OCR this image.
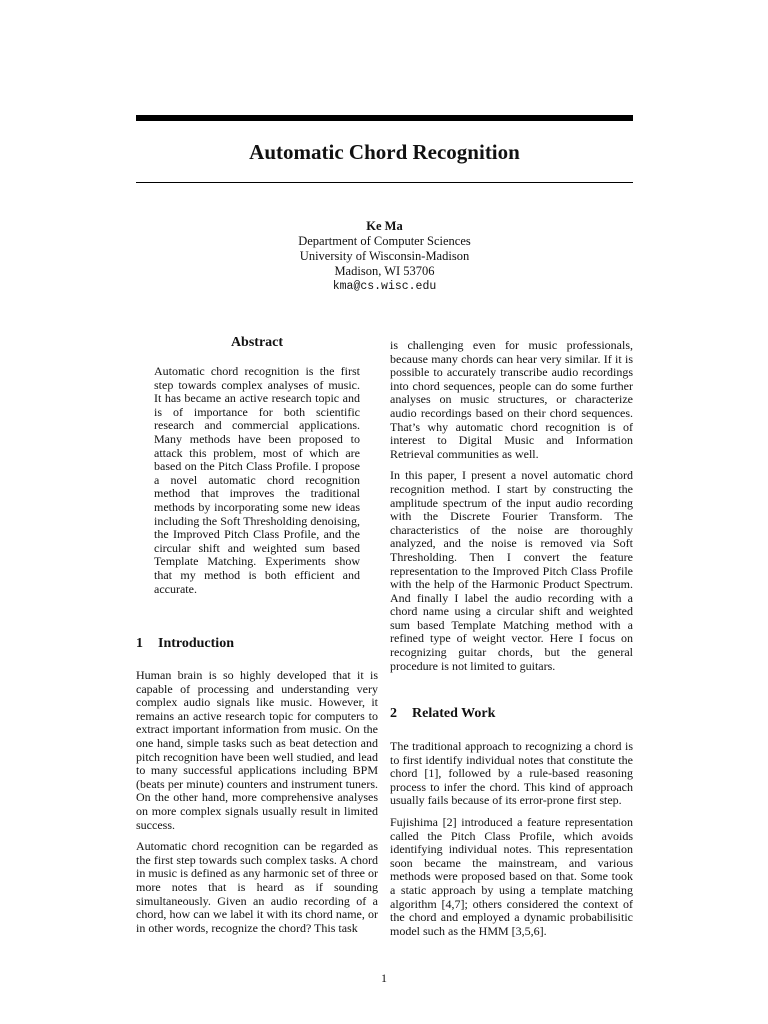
Automatic Chord Recognition
Ke Ma
Department of Computer Sciences
University of Wisconsin-Madison
Madison, WI 53706
kma@cs.wisc.edu
Abstract
Automatic chord recognition is the first step towards complex analyses of music. It has became an active research topic and is of importance for both scientific research and commercial applications. Many methods have been proposed to attack this problem, most of which are based on the Pitch Class Profile. I propose a novel automatic chord recognition method that improves the traditional methods by incorporating some new ideas including the Soft Thresholding denoising, the Improved Pitch Class Profile, and the circular shift and weighted sum based Template Matching. Experiments show that my method is both efficient and accurate.
1 Introduction

Human brain is so highly developed that it is capable of processing and understanding very complex audio signals like music. However, it remains an active research topic for computers to extract important information from music. On the one hand, simple tasks such as beat detection and pitch recognition have been well studied, and lead to many successful applications including BPM (beats per minute) counters and instrument tuners. On the other hand, more comprehensive analyses on more complex signals usually result in limited success.

Automatic chord recognition can be regarded as the first step towards such complex tasks. A chord in music is defined as any harmonic set of three or more notes that is heard as if sounding simultaneously. Given an audio recording of a chord, how can we label it with its chord name, or in other words, recognize the chord? This task

is challenging even for music professionals, because many chords can hear very similar. If it is possible to accurately transcribe audio recordings into chord sequences, people can do some further analyses on music structures, or characterize audio recordings based on their chord sequences. That’s why automatic chord recognition is of interest to Digital Music and Information Retrieval communities as well.

In this paper, I present a novel automatic chord recognition method. I start by constructing the amplitude spectrum of the input audio recording with the Discrete Fourier Transform. The characteristics of the noise are thoroughly analyzed, and the noise is removed via Soft Thresholding. Then I convert the feature representation to the Improved Pitch Class Profile with the help of the Harmonic Product Spectrum. And finally I label the audio recording with a chord name using a circular shift and weighted sum based Template Matching method with a refined type of weight vector. Here I focus on recognizing guitar chords, but the general procedure is not limited to guitars.

2 Related Work

The traditional approach to recognizing a chord is to first identify individual notes that constitute the chord [1], followed by a rule-based reasoning process to infer the chord. This kind of approach usually fails because of its error-prone first step.

Fujishima [2] introduced a feature representation called the Pitch Class Profile, which avoids identifying individual notes. This representation soon became the mainstream, and various methods were proposed based on that. Some took a static approach by using a template matching algorithm [4,7]; others considered the context of the chord and employed a dynamic probabilisitic model such as the HMM [3,5,6].

1
